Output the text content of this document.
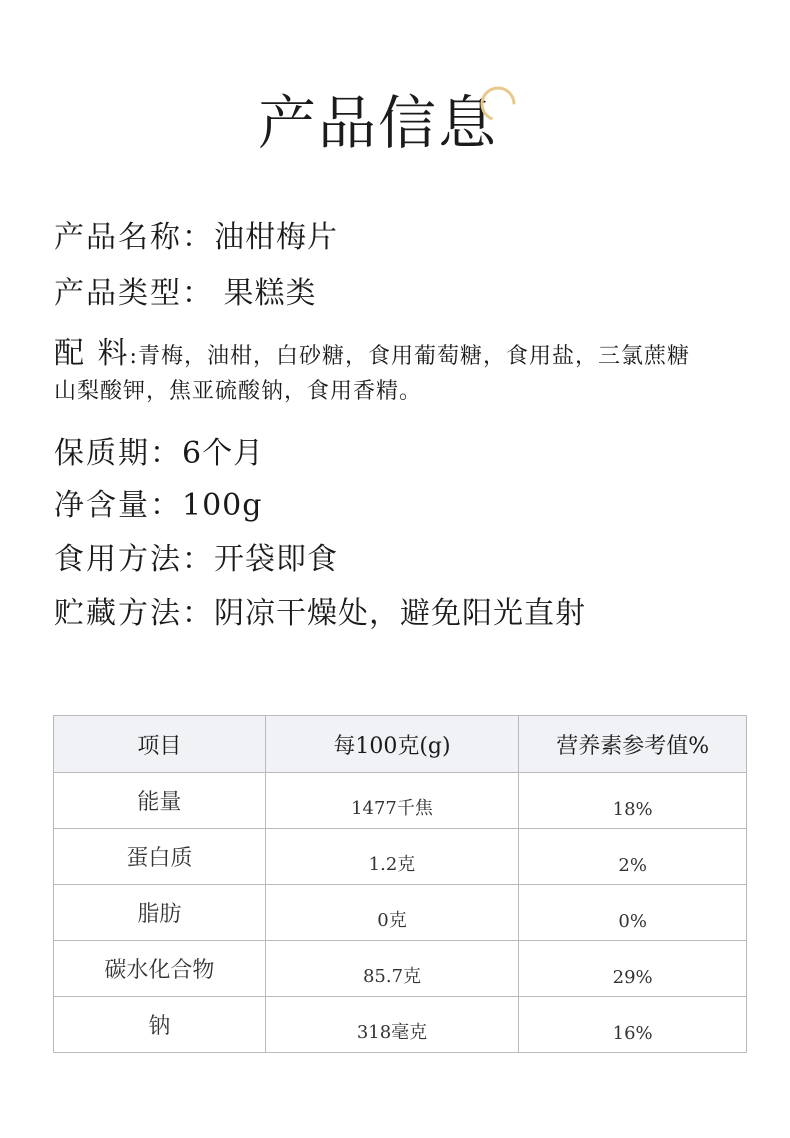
产品信息
产品名称：油柑梅片
产品类型： 果糕类
配 料:青梅，油柑，白砂糖，食用葡萄糖，食用盐，三氯蔗糖
山梨酸钾，焦亚硫酸钠，食用香精。
保质期：6个月
净含量：100g
食用方法：开袋即食
贮藏方法：阴凉干燥处，避免阳光直射
项目	每100克(g)	营养素参考值%
能量	1477千焦	18%
蛋白质	1.2克	2%
脂肪	0克	0%
碳水化合物	85.7克	29%
钠	318毫克	16%
